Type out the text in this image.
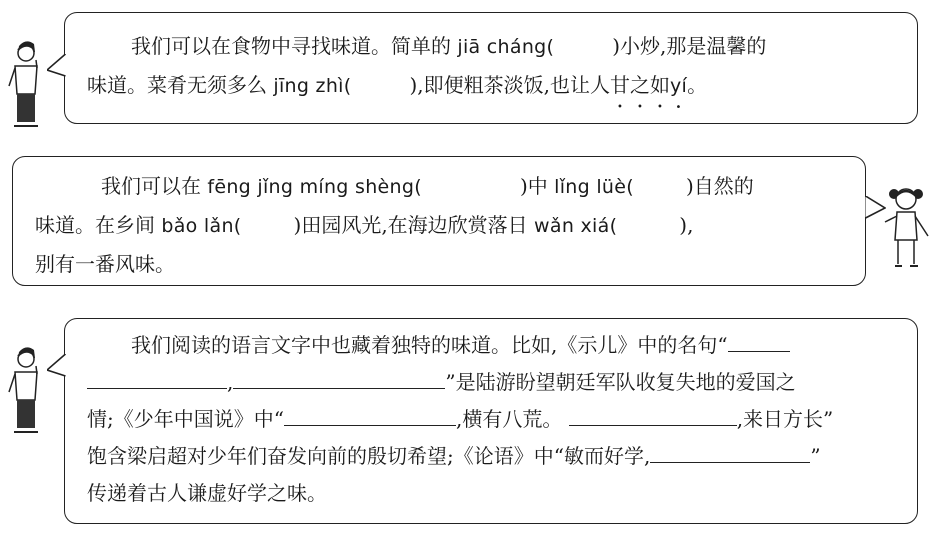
我们可以在食物中寻找味道。简单的 jiā cháng(	)小炒,那是温馨的

味道。菜肴无须多么 jīng zhì(	),即便粗茶淡饭,也让人甘之如yí •。

我们可以在 fēng jǐng míng shèng(	)中 lǐng lüè(	)自然的

味道。在乡间 bǎo lǎn(	)田园风光,在海边欣赏落日 wǎn xiá(	),

别有一番风味。

我们阅读的语言文字中也藏着独特的味道。比如,《示儿》中的名句“

,	”是陆游盼望朝廷军队收复失地的爱国之

情;《少年中国说》中“	,横有八荒。	,来日方长”

饱含梁启超对少年们奋发向前的殷切希望;《论语》中“敏而好学,	”

传递着古人谦虚好学之味。
